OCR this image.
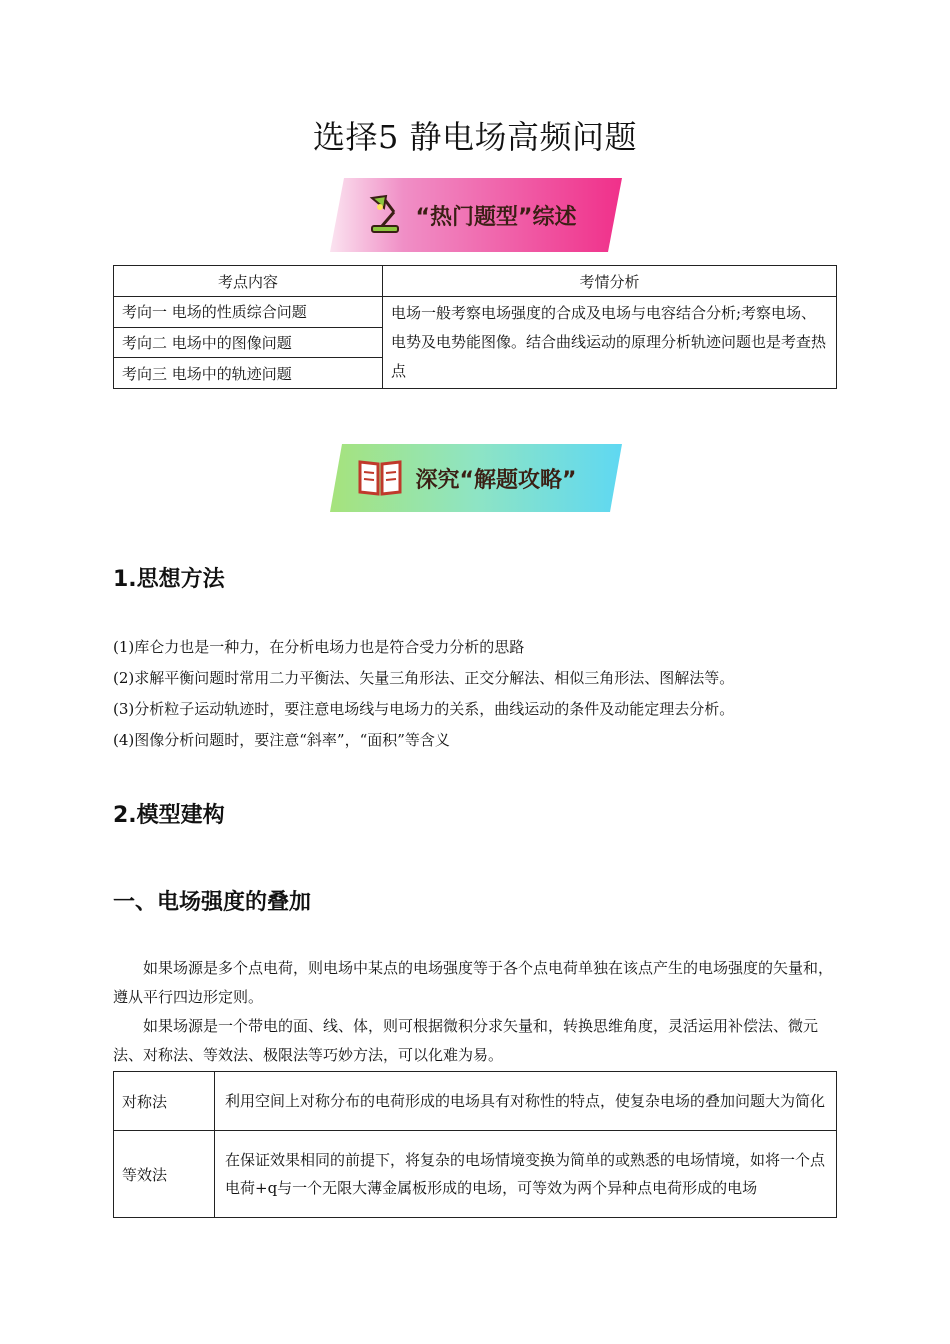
选择5 静电场高频问题
“热门题型”综述
考点内容	考情分析
考向一 电场的性质综合问题	电场一般考察电场强度的合成及电场与电容结合分析;考察电场、电势及电势能图像。结合曲线运动的原理分析轨迹问题也是考查热点
考向二 电场中的图像问题	
考向三 电场中的轨迹问题	
深究“解题攻略”
1.思想方法

(1)库仑力也是一种力，在分析电场力也是符合受力分析的思路

(2)求解平衡问题时常用二力平衡法、矢量三角形法、正交分解法、相似三角形法、图解法等。

(3)分析粒子运动轨迹时，要注意电场线与电场力的关系，曲线运动的条件及动能定理去分析。

(4)图像分析问题时，要注意“斜率”，“面积”等含义

2.模型建构
一、电场强度的叠加

如果场源是多个点电荷，则电场中某点的电场强度等于各个点电荷单独在该点产生的电场强度的矢量和，遵从平行四边形定则。

如果场源是一个带电的面、线、体，则可根据微积分求矢量和，转换思维角度，灵活运用补偿法、微元法、对称法、等效法、极限法等巧妙方法，可以化难为易。

对称法	利用空间上对称分布的电荷形成的电场具有对称性的特点，使复杂电场的叠加问题大为简化
等效法	在保证效果相同的前提下，将复杂的电场情境变换为简单的或熟悉的电场情境，如将一个点电荷+q与一个无限大薄金属板形成的电场，可等效为两个异种点电荷形成的电场
